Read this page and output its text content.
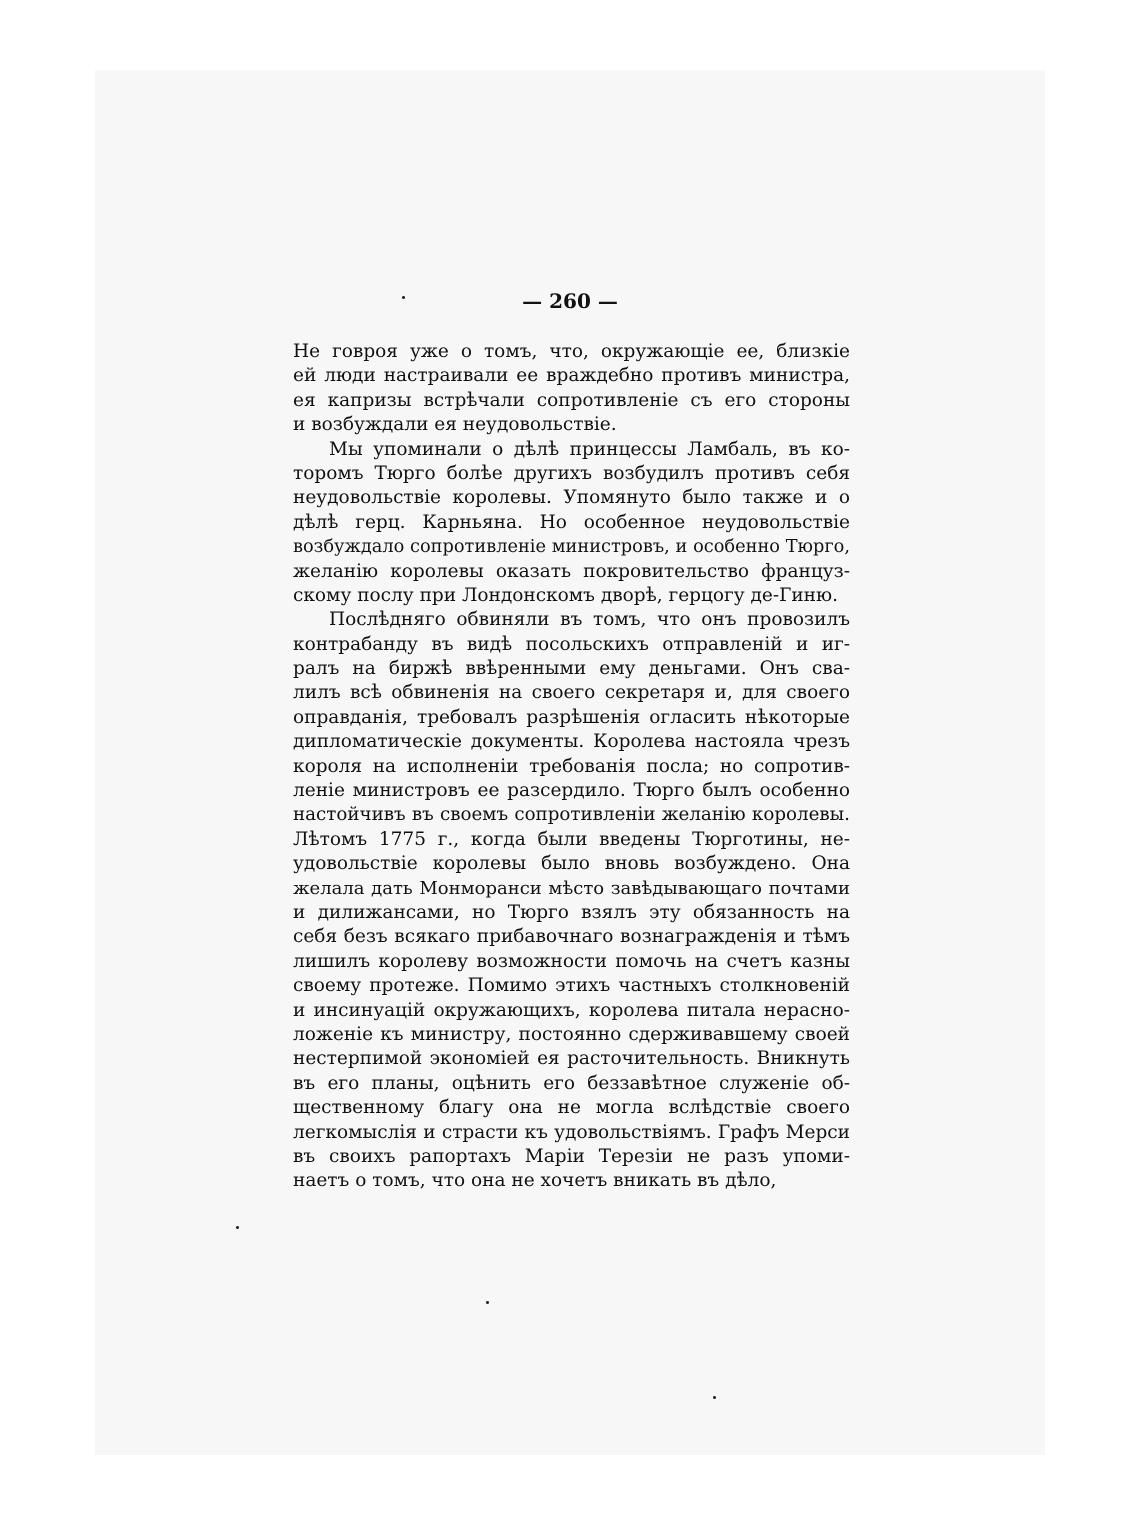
— 260 —
Не говроя уже о томъ, что, окружающіе ее, близкіе
ей люди настраивали ее враждебно противъ министра,
ея капризы встрѣчали сопротивленіе съ его стороны
и возбуждали ея неудовольствіе.
Мы упоминали о дѣлѣ принцессы Ламбаль, въ ко-
торомъ Тюрго болѣе другихъ возбудилъ противъ себя
неудовольствіе королевы. Упомянуто было также и о
дѣлѣ герц. Карньяна. Но особенное неудовольствіе
возбуждало сопротивленіе министровъ, и особенно Тюрго,
желанію королевы оказать покровительство француз-
скому послу при Лондонскомъ дворѣ, герцогу де-Гиню.
Послѣдняго обвиняли въ томъ, что онъ провозилъ
контрабанду въ видѣ посольскихъ отправленій и иг-
ралъ на биржѣ ввѣренными ему деньгами. Онъ сва-
лилъ всѣ обвиненія на своего секретаря и, для своего
оправданія, требовалъ разрѣшенія огласить нѣкоторые
дипломатическіе документы. Королева настояла чрезъ
короля на исполненіи требованія посла; но сопротив-
леніе министровъ ее разсердило. Тюрго былъ особенно
настойчивъ въ своемъ сопротивленіи желанію королевы.
Лѣтомъ 1775 г., когда были введены Тюрготины, не-
удовольствіе королевы было вновь возбуждено. Она
желала дать Монморанси мѣсто завѣдывающаго почтами
и дилижансами, но Тюрго взялъ эту обязанность на
себя безъ всякаго прибавочнаго вознагражденія и тѣмъ
лишилъ королеву возможности помочь на счетъ казны
своему протеже. Помимо этихъ частныхъ столкновеній
и инсинуацій окружающихъ, королева питала нерасно-
ложеніе къ министру, постоянно сдерживавшему своей
нестерпимой экономіей ея расточительность. Вникнуть
въ его планы, оцѣнить его беззавѣтное служеніе об-
щественному благу она не могла вслѣдствіе своего
легкомыслія и страсти къ удовольствіямъ. Графъ Мерси
въ своихъ рапортахъ Маріи Терезіи не разъ упоми-
наетъ о томъ, что она не хочетъ вникать въ дѣло,
